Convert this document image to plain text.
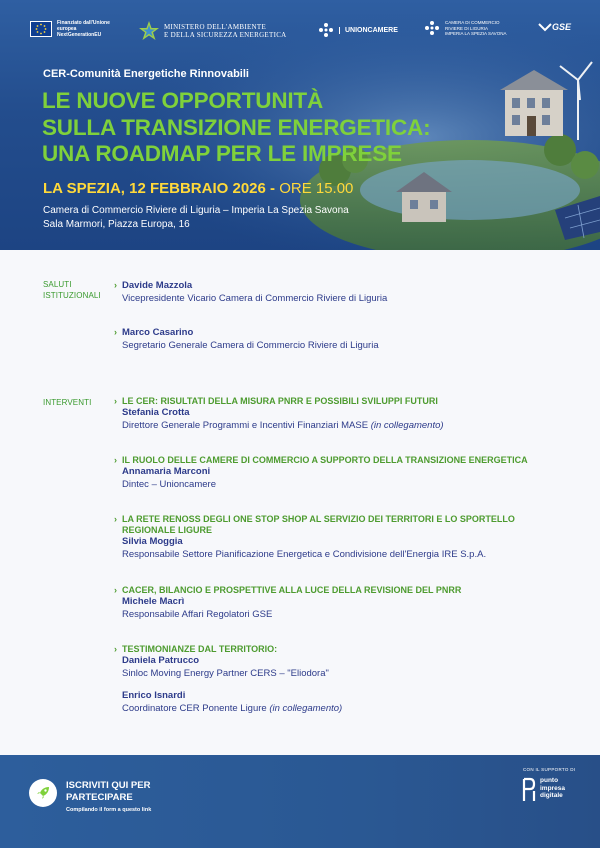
Finanziato dall'Unione europea NextGenerationEU
MINISTERO DELL'AMBIENTE
E DELLA SICUREZZA ENERGETICA
UNIONCAMERE
CAMERA DI COMMERCIO
RIVIERE DI LIGURIA
IMPERIA LA SPEZIA SAVONA
GSE
CER-Comunità Energetiche Rinnovabili
LE NUOVE OPPORTUNITÀ
SULLA TRANSIZIONE ENERGETICA:
UNA ROADMAP PER LE IMPRESE
LA SPEZIA, 12 FEBBRAIO 2026 - ORE 15.00
Camera di Commercio Riviere di Liguria – Imperia La Spezia Savona
Sala Marmori, Piazza Europa, 16
SALUTI
ISTITUZIONALI
› Davide Mazzola
Vicepresidente Vicario Camera di Commercio Riviere di Liguria
› Marco Casarino
Segretario Generale Camera di Commercio Riviere di Liguria
INTERVENTI	› LE CER: RISULTATI DELLA MISURA PNRR E POSSIBILI SVILUPPI FUTURI
Stefania Crotta
Direttore Generale Programmi e Incentivi Finanziari MASE (in collegamento)
› IL RUOLO DELLE CAMERE DI COMMERCIO A SUPPORTO DELLA TRANSIZIONE ENERGETICA
Annamaria Marconi
Dintec – Unioncamere
› LA RETE RENOSS DEGLI ONE STOP SHOP AL SERVIZIO DEI TERRITORI E LO SPORTELLO REGIONALE LIGURE
Silvia Moggia
Responsabile Settore Pianificazione Energetica e Condivisione dell'Energia IRE S.p.A.
› CACER, BILANCIO E PROSPETTIVE ALLA LUCE DELLA REVISIONE DEL PNRR
Michele Macrì
Responsabile Affari Regolatori GSE
› TESTIMONIANZE DAL TERRITORIO:
Daniela Patrucco
Sinloc Moving Energy Partner CERS – "Eliodora"
Enrico Isnardi
Coordinatore CER Ponente Ligure (in collegamento)
ISCRIVITI QUI PER PARTECIPARE
Compilando il form a questo link
CON IL SUPPORTO DI
punto
impresa
digitale
